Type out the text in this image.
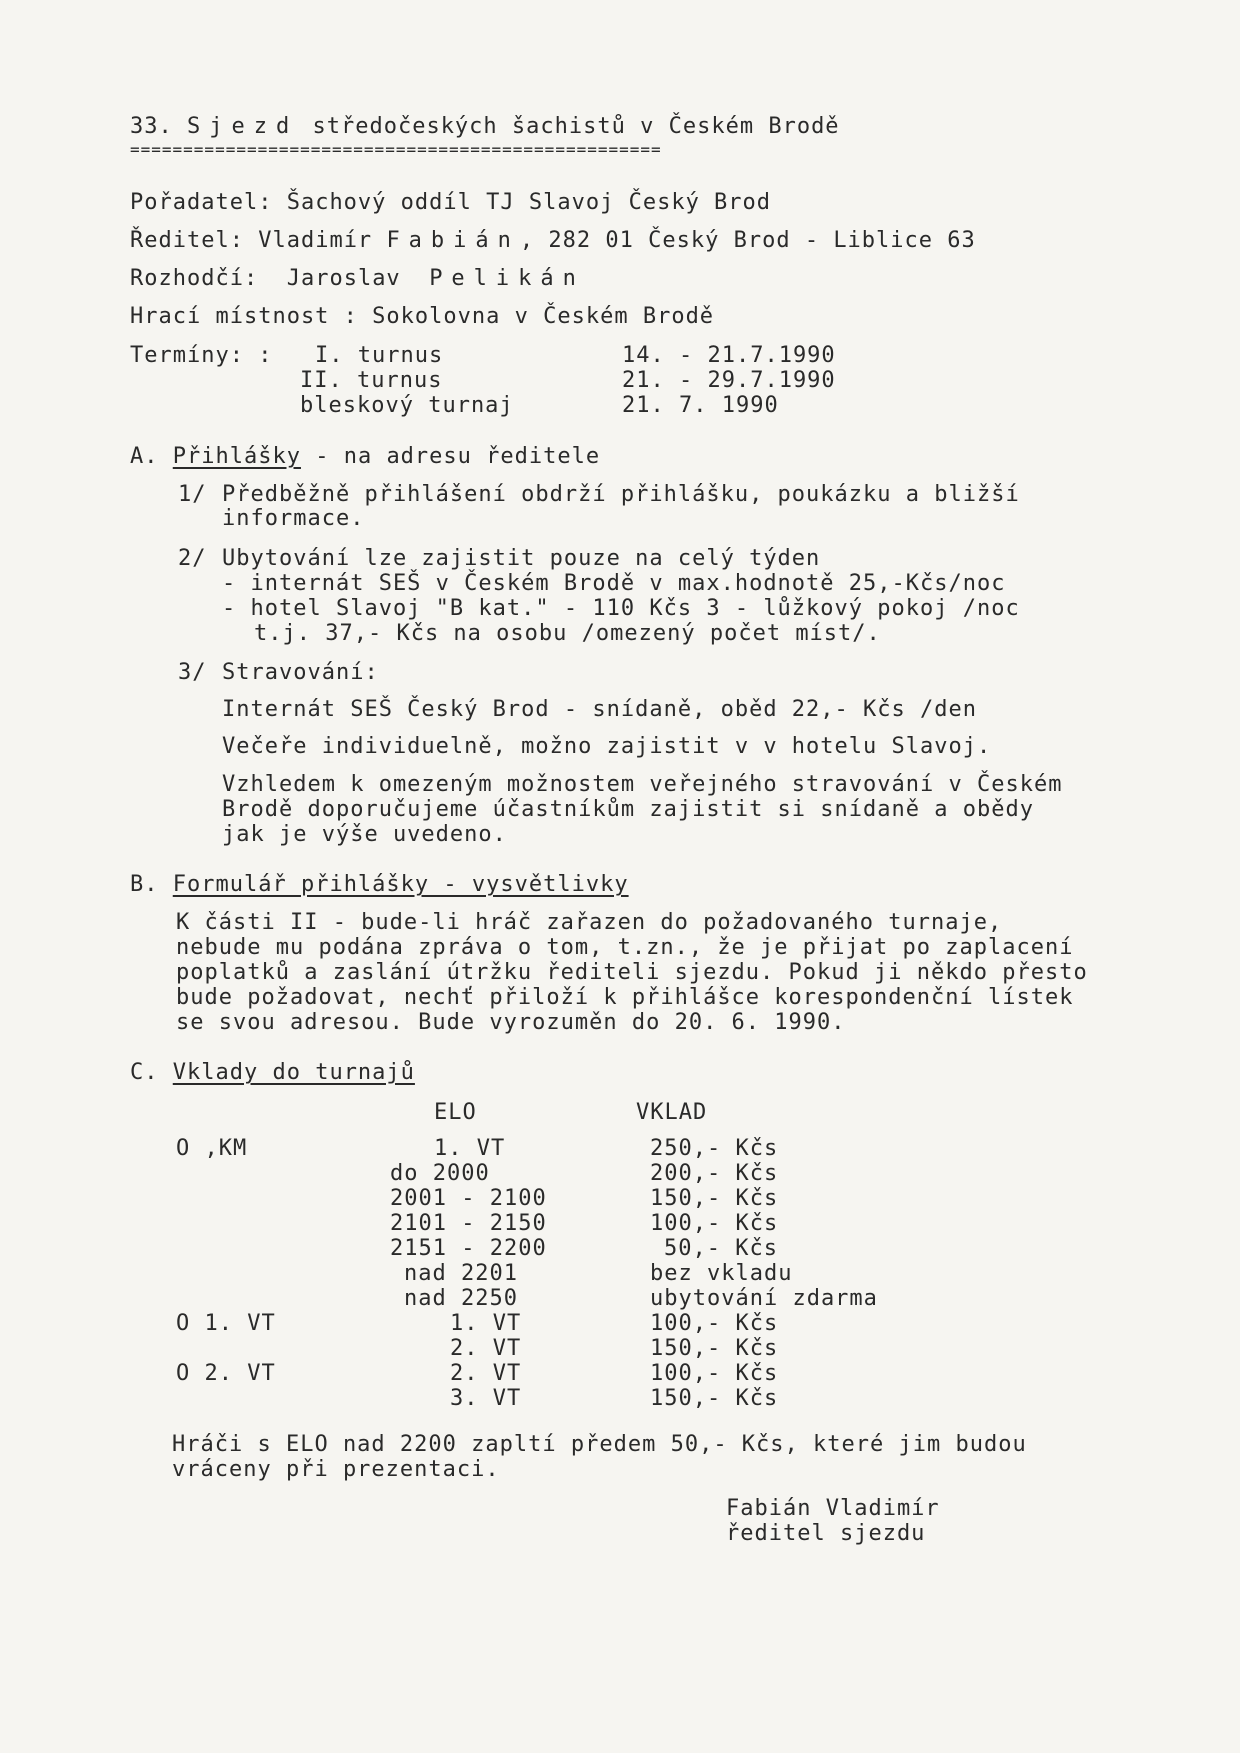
33. Sjezd středočeských šachistů v Českém Brodě
==================================================
Pořadatel: Šachový oddíl TJ Slavoj Český Brod
Ředitel: Vladimír Fabián, 282 01 Český Brod - Liblice 63
Rozhodčí: Jaroslav Pelikán
Hrací místnost : Sokolovna v Českém Brodě
Termíny: : I. turnus	14. - 21.7.1990
II. turnus	21. - 29.7.1990
bleskový turnaj	21. 7. 1990
A. Přihlášky - na adresu ředitele
1/ Předběžně přihlášení obdrží přihlášku, poukázku a bližší
informace.
2/ Ubytování lze zajistit pouze na celý týden
- internát SEŠ v Českém Brodě v max.hodnotě 25,-Kčs/noc
- hotel Slavoj "B kat." - 110 Kčs 3 - lůžkový pokoj /noc
t.j. 37,- Kčs na osobu /omezený počet míst/.
3/ Stravování:
Internát SEŠ Český Brod - snídaně, oběd 22,- Kčs /den
Večeře individuelně, možno zajistit v v hotelu Slavoj.
Vzhledem k omezeným možnostem veřejného stravování v Českém
Brodě doporučujeme účastníkům zajistit si snídaně a obědy
jak je výše uvedeno.
B. Formulář přihlášky - vysvětlivky
K části II - bude-li hráč zařazen do požadovaného turnaje,
nebude mu podána zpráva o tom, t.zn., že je přijat po zaplacení
poplatků a zaslání útržku řediteli sjezdu. Pokud ji někdo přesto
bude požadovat, nechť přiloží k přihlášce korespondenční lístek
se svou adresou. Bude vyrozuměn do 20. 6. 1990.
C. Vklady do turnajů
ELO	VKLAD
O ,KM	1. VT	250,- Kčs
do 2000	200,- Kčs
2001 - 2100	150,- Kčs
2101 - 2150	100,- Kčs
2151 - 2200	50,- Kčs
nad 2201	bez vkladu
nad 2250	ubytování zdarma
O 1. VT	1. VT	100,- Kčs
2. VT	150,- Kčs
O 2. VT	2. VT	100,- Kčs
3. VT	150,- Kčs
Hráči s ELO nad 2200 zapltí předem 50,- Kčs, které jim budou
vráceny při prezentaci.
Fabián Vladimír
ředitel sjezdu
